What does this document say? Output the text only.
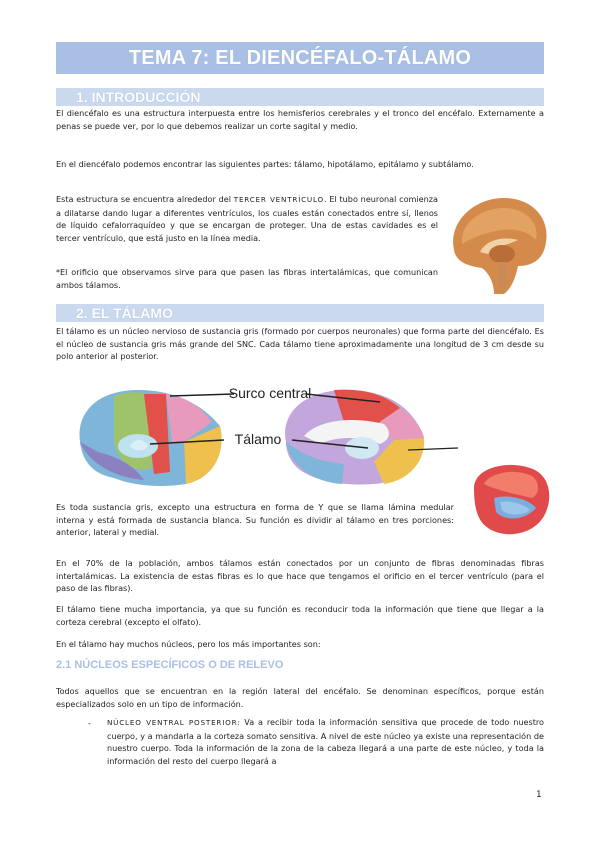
TEMA 7: EL DIENCÉFALO-TÁLAMO
1. INTRODUCCIÓN

El diencéfalo es una estructura interpuesta entre los hemisferios cerebrales y el tronco del encéfalo. Externamente a penas se puede ver, por lo que debemos realizar un corte sagital y medio.

En el diencéfalo podemos encontrar las siguientes partes: tálamo, hipotálamo, epitálamo y subtálamo.

Esta estructura se encuentra alrededor del TERCER VENTRÍCULO. El tubo neuronal comienza a dilatarse dando lugar a diferentes ventrículos, los cuales están conectados entre sí, llenos de líquido cefalorraquídeo y que se encargan de proteger. Una de estas cavidades es el tercer ventrículo, que está justo en la línea media.

*El orificio que observamos sirve para que pasen las fibras intertalámicas, que comunican ambos tálamos.

2. EL TÁLAMO

El tálamo es un núcleo nervioso de sustancia gris (formado por cuerpos neuronales) que forma parte del diencéfalo. Es el núcleo de sustancia gris más grande del SNC. Cada tálamo tiene aproximadamente una longitud de 3 cm desde su polo anterior al posterior.

Surco central
Tálamo

Es toda sustancia gris, excepto una estructura en forma de Y que se llama lámina medular interna y está formada de sustancia blanca. Su función es dividir al tálamo en tres porciones: anterior, lateral y medial.

En el 70% de la población, ambos tálamos están conectados por un conjunto de fibras denominadas fibras intertalámicas. La existencia de estas fibras es lo que hace que tengamos el orificio en el tercer ventrículo (para el paso de las fibras).

El tálamo tiene mucha importancia, ya que su función es reconducir toda la información que tiene que llegar a la corteza cerebral (excepto el olfato).

En el tálamo hay muchos núcleos, pero los más importantes son:

2.1 NÚCLEOS ESPECÍFICOS O DE RELEVO

Todos aquellos que se encuentran en la región lateral del encéfalo. Se denominan específicos, porque están especializados solo en un tipo de información.

- NÚCLEO VENTRAL POSTERIOR: Va a recibir toda la información sensitiva que procede de todo nuestro cuerpo, y a mandarla a la corteza somato sensitiva. A nivel de este núcleo ya existe una representación de nuestro cuerpo. Toda la información de la zona de la cabeza llegará a una parte de este núcleo, y toda la información del resto del cuerpo llegará a

1
